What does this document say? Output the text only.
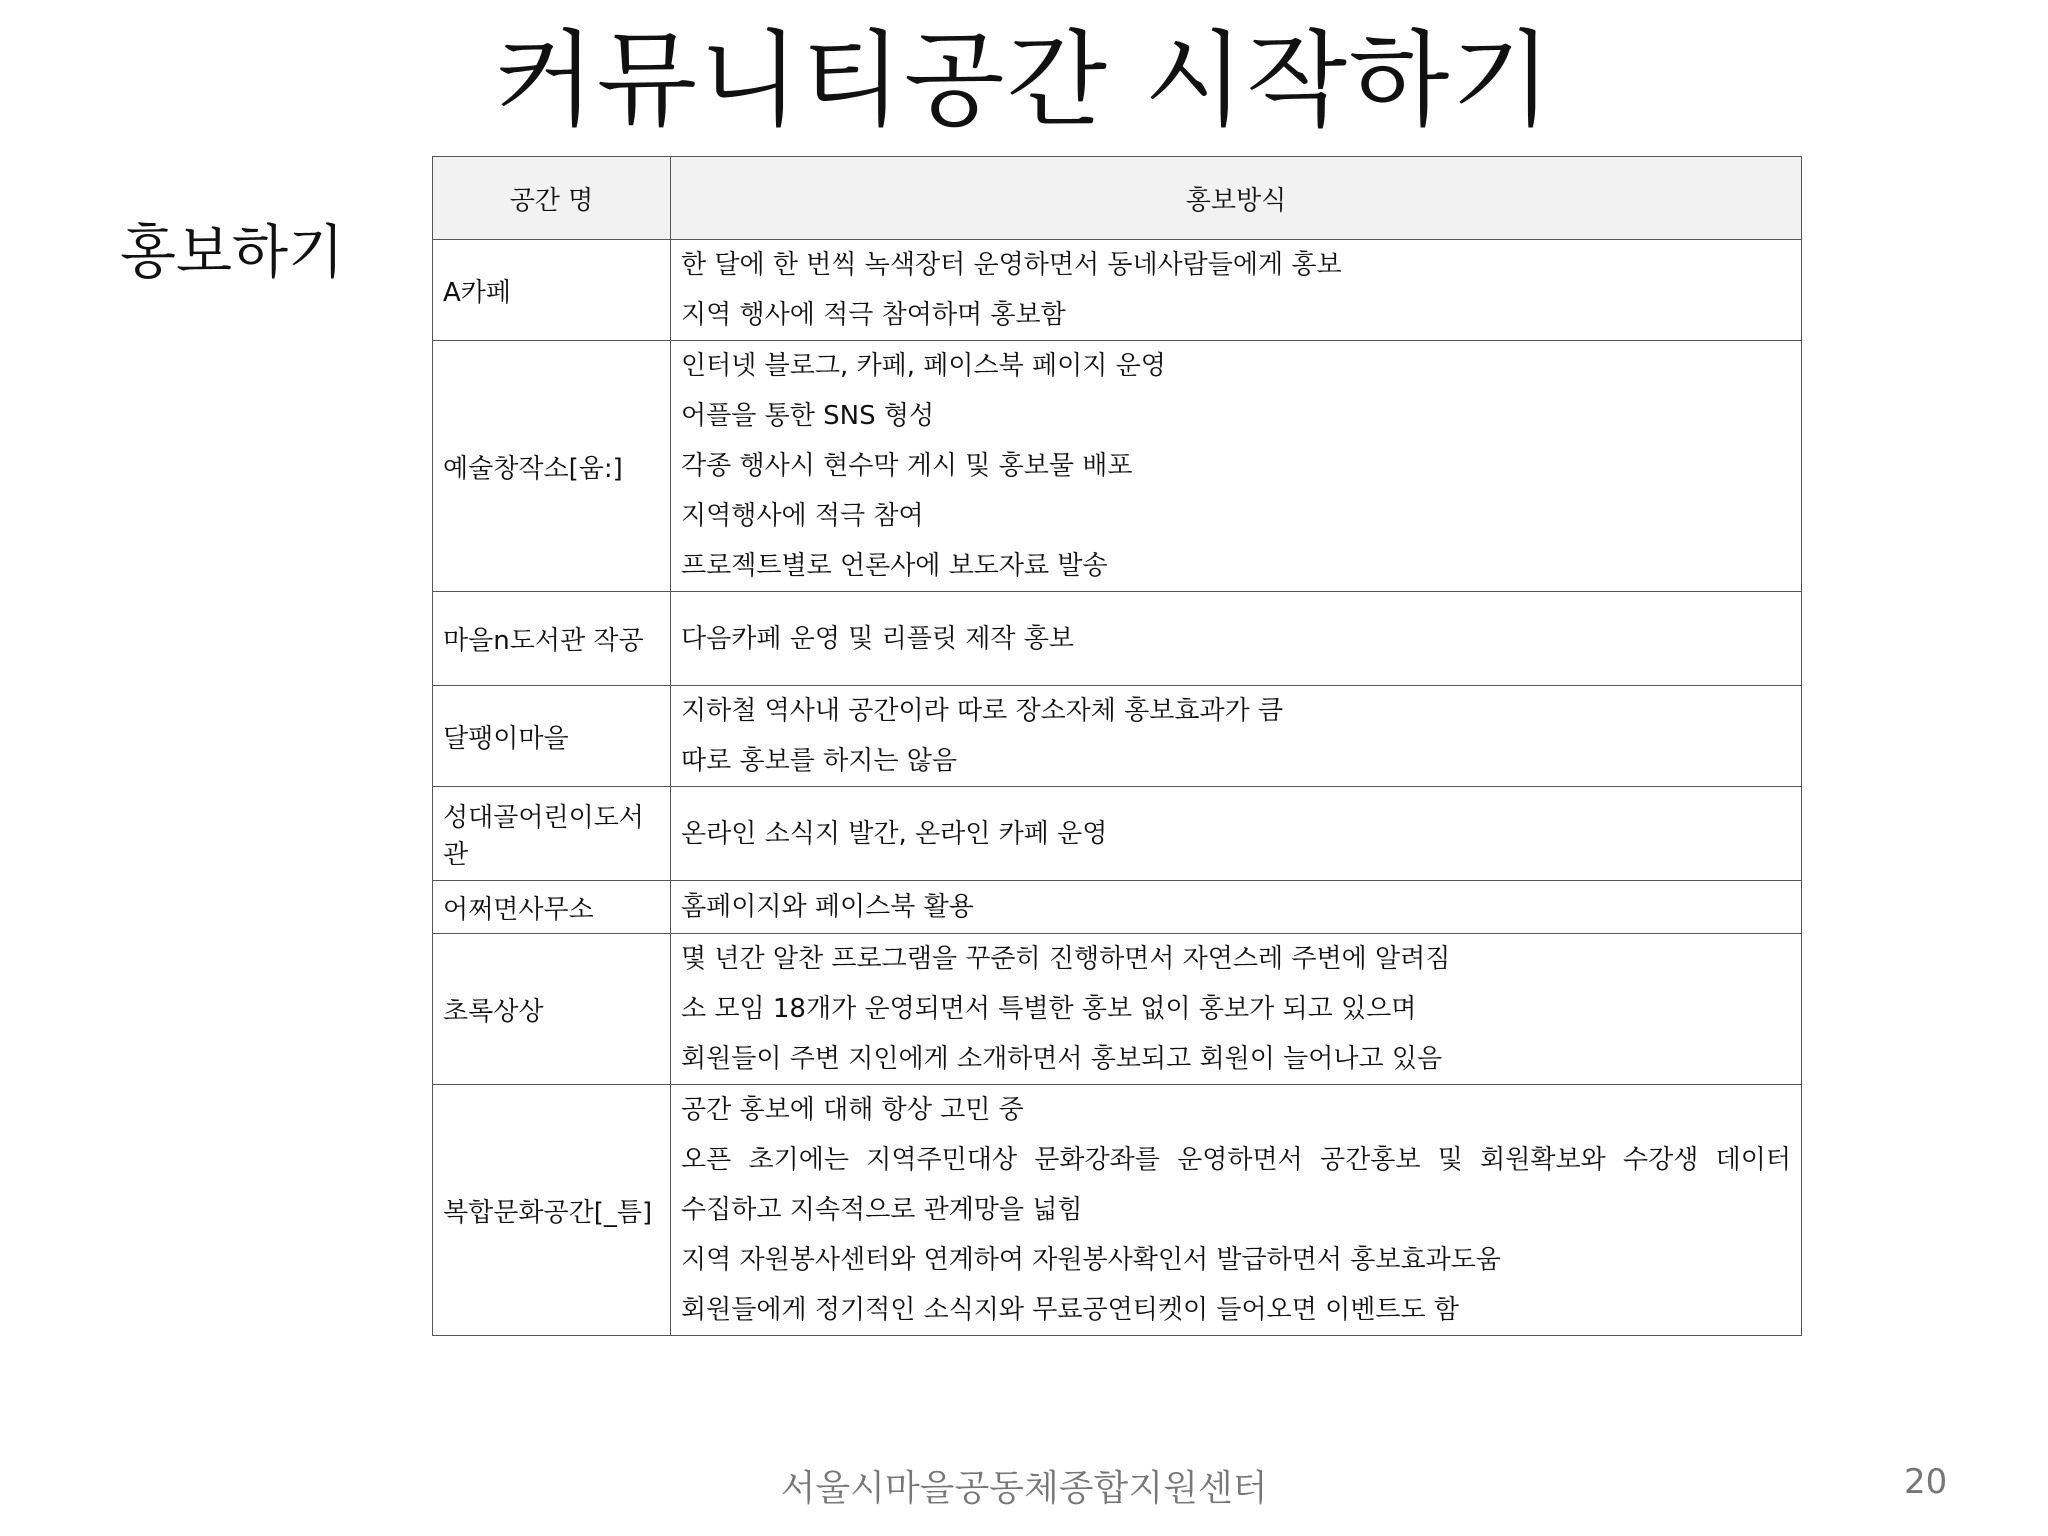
커뮤니티공간 시작하기
홍보하기
공간 명	홍보방식
A카페	한 달에 한 번씩 녹색장터 운영하면서 동네사람들에게 홍보
지역 행사에 적극 참여하며 홍보함

예술창작소[움:]	인터넷 블로그, 카페, 페이스북 페이지 운영
어플을 통한 SNS 형성
각종 행사시 현수막 게시 및 홍보물 배포
지역행사에 적극 참여
프로젝트별로 언론사에 보도자료 발송

마을n도서관 작공	다음카페 운영 및 리플릿 제작 홍보

달팽이마을	지하철 역사내 공간이라 따로 장소자체 홍보효과가 큼
따로 홍보를 하지는 않음

성대골어린이도서관	온라인 소식지 발간, 온라인 카페 운영

어쩌면사무소	홈페이지와 페이스북 활용

초록상상	몇 년간 알찬 프로그램을 꾸준히 진행하면서 자연스레 주변에 알려짐
소 모임 18개가 운영되면서 특별한 홍보 없이 홍보가 되고 있으며
회원들이 주변 지인에게 소개하면서 홍보되고 회원이 늘어나고 있음

복합문화공간[_틈]	공간 홍보에 대해 항상 고민 중
오픈 초기에는 지역주민대상 문화강좌를 운영하면서 공간홍보 및 회원확보와 수강생 데이터
수집하고 지속적으로 관계망을 넓힘
지역 자원봉사센터와 연계하여 자원봉사확인서 발급하면서 홍보효과도움
회원들에게 정기적인 소식지와 무료공연티켓이 들어오면 이벤트도 함
서울시마을공동체종합지원센터	20
